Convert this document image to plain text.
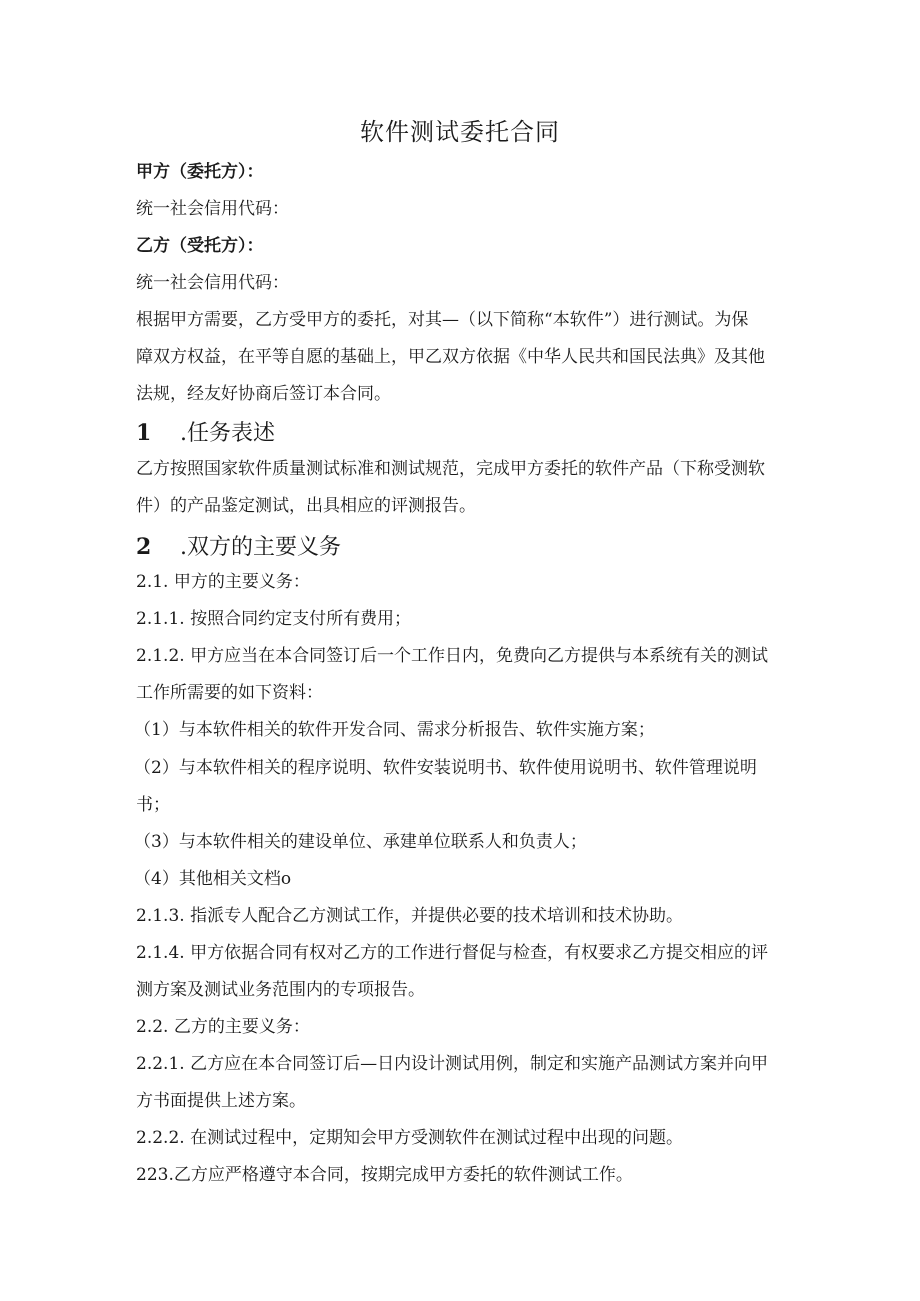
软件测试委托合同

甲方（委托方）：

统一社会信用代码：

乙方（受托方）：

统一社会信用代码：

根据甲方需要，乙方受甲方的委托，对其—（以下简称“本软件”）进行测试。为保

障双方权益，在平等自愿的基础上，甲乙双方依据《中华人民共和国民法典》及其他

法规，经友好协商后签订本合同。

1 .任务表述

乙方按照国家软件质量测试标准和测试规范，完成甲方委托的软件产品（下称受测软

件）的产品鉴定测试，出具相应的评测报告。

2 .双方的主要义务

2.1. 甲方的主要义务：

2.1.1. 按照合同约定支付所有费用；

2.1.2. 甲方应当在本合同签订后一个工作日内，免费向乙方提供与本系统有关的测试

工作所需要的如下资料：

（1）与本软件相关的软件开发合同、需求分析报告、软件实施方案；

（2）与本软件相关的程序说明、软件安装说明书、软件使用说明书、软件管理说明

书；

（3）与本软件相关的建设单位、承建单位联系人和负责人；

（4）其他相关文档o

2.1.3. 指派专人配合乙方测试工作，并提供必要的技术培训和技术协助。

2.1.4. 甲方依据合同有权对乙方的工作进行督促与检查，有权要求乙方提交相应的评

测方案及测试业务范围内的专项报告。

2.2. 乙方的主要义务：

2.2.1. 乙方应在本合同签订后—日内设计测试用例，制定和实施产品测试方案并向甲

方书面提供上述方案。

2.2.2. 在测试过程中，定期知会甲方受测软件在测试过程中出现的问题。

223.乙方应严格遵守本合同，按期完成甲方委托的软件测试工作。
